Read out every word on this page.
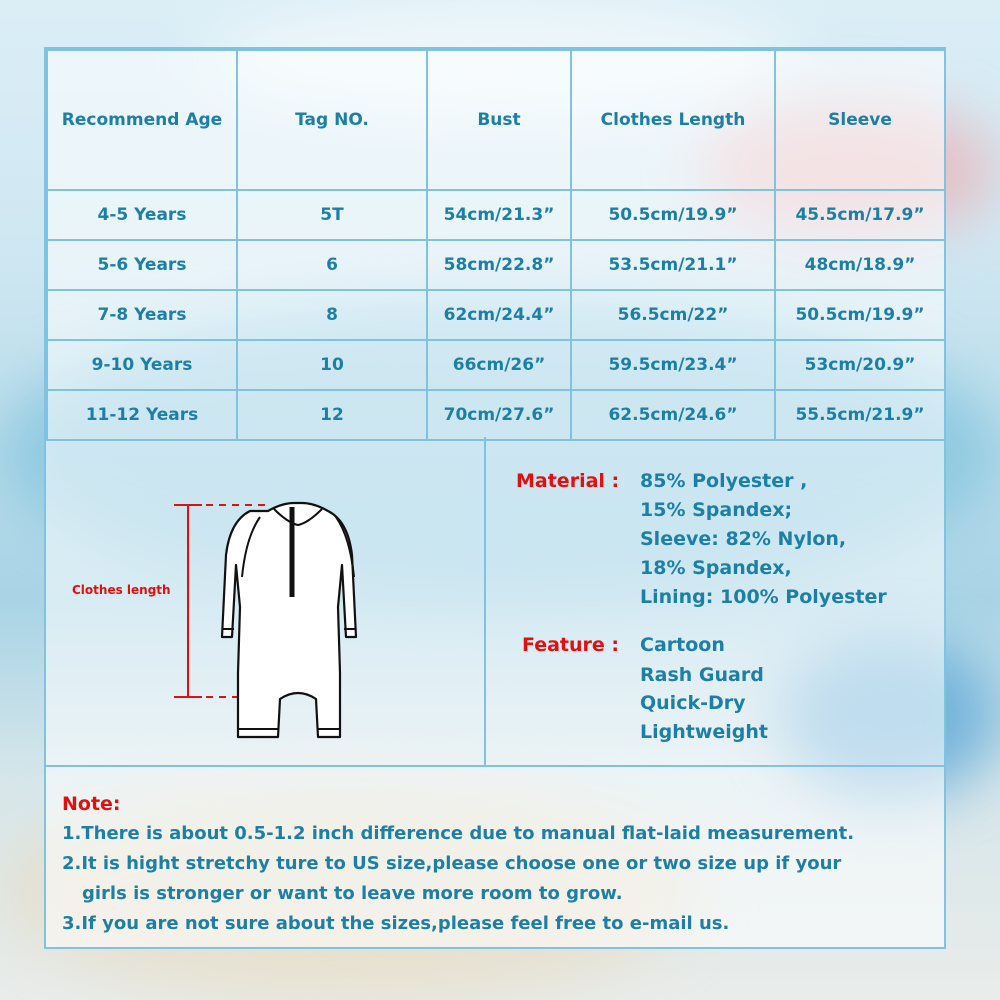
Recommend Age	Tag NO.	Bust	Clothes Length	Sleeve
4-5 Years	5T	54cm/21.3”	50.5cm/19.9”	45.5cm/17.9”
5-6 Years	6	58cm/22.8”	53.5cm/21.1”	48cm/18.9”
7-8 Years	8	62cm/24.4”	56.5cm/22”	50.5cm/19.9”
9-10 Years	10	66cm/26”	59.5cm/23.4”	53cm/20.9”
11-12 Years	12	70cm/27.6”	62.5cm/24.6”	55.5cm/21.9”
Clothes length
Material : 85% Polyester ,
15% Spandex;
Sleeve: 82% Nylon,
18% Spandex,
Lining: 100% Polyester
Feature : Cartoon
Rash Guard
Quick-Dry
Lightweight
Note:
1.There is about 0.5-1.2 inch difference due to manual flat-laid measurement.
2.It is hight stretchy ture to US size,please choose one or two size up if your
girls is stronger or want to leave more room to grow.
3.If you are not sure about the sizes,please feel free to e-mail us.
